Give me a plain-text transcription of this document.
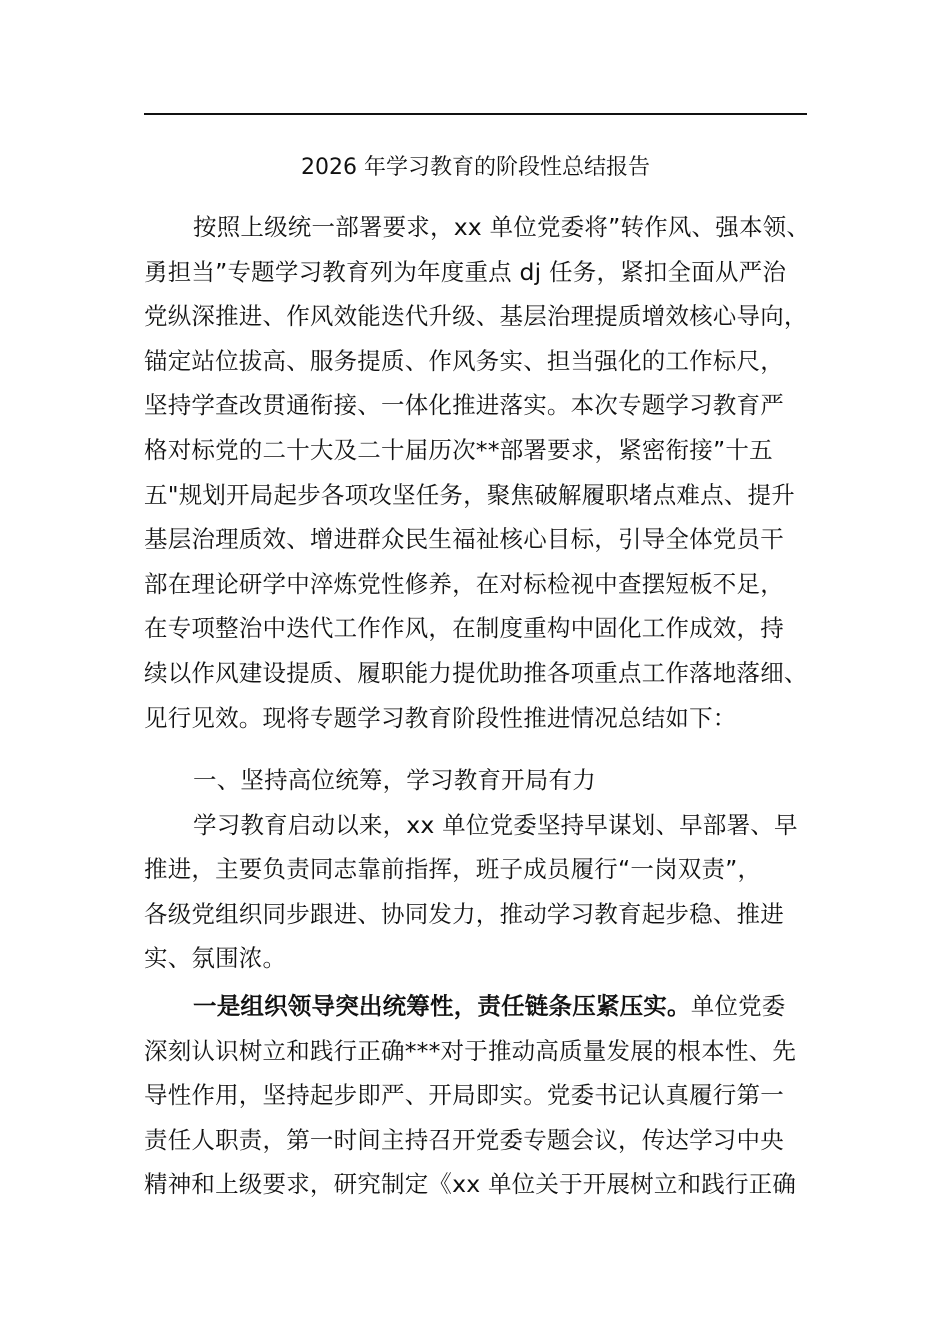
2026 年学习教育的阶段性总结报告
按照上级统一部署要求，xx 单位党委将”转作风、强本领、
勇担当”专题学习教育列为年度重点 dj 任务，紧扣全面从严治
党纵深推进、作风效能迭代升级、基层治理提质增效核心导向，
锚定站位拔高、服务提质、作风务实、担当强化的工作标尺，
坚持学查改贯通衔接、一体化推进落实。本次专题学习教育严
格对标党的二十大及二十届历次**部署要求，紧密衔接”十五
五"规划开局起步各项攻坚任务，聚焦破解履职堵点难点、提升
基层治理质效、增进群众民生福祉核心目标，引导全体党员干
部在理论研学中淬炼党性修养，在对标检视中查摆短板不足，
在专项整治中迭代工作作风，在制度重构中固化工作成效，持
续以作风建设提质、履职能力提优助推各项重点工作落地落细、
见行见效。现将专题学习教育阶段性推进情况总结如下：
一、坚持高位统筹，学习教育开局有力
学习教育启动以来，xx 单位党委坚持早谋划、早部署、早
推进，主要负责同志靠前指挥，班子成员履行“一岗双责”，
各级党组织同步跟进、协同发力，推动学习教育起步稳、推进
实、氛围浓。
一是组织领导突出统筹性，责任链条压紧压实。单位党委
深刻认识树立和践行正确***对于推动高质量发展的根本性、先
导性作用，坚持起步即严、开局即实。党委书记认真履行第一
责任人职责，第一时间主持召开党委专题会议，传达学习中央
精神和上级要求，研究制定《xx 单位关于开展树立和践行正确
